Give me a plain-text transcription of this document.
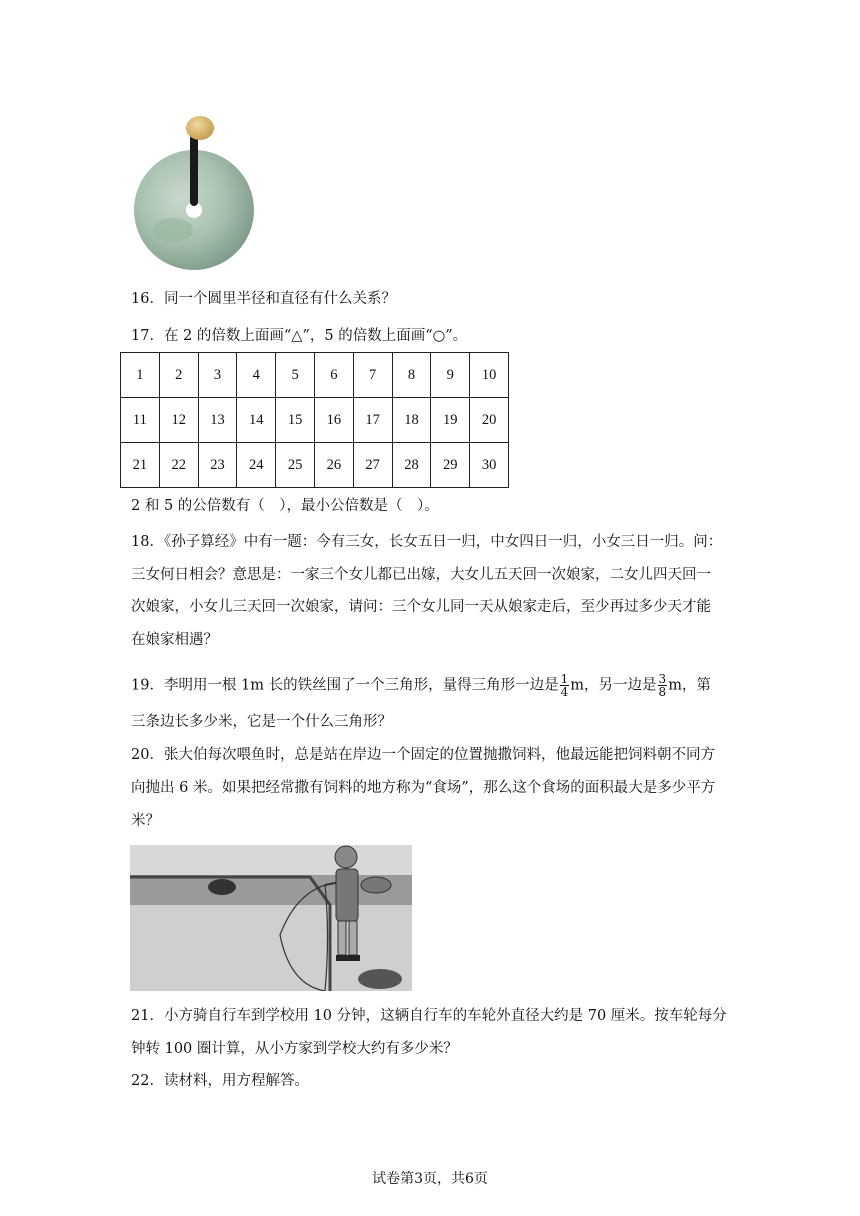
16．同一个圆里半径和直径有什么关系？
17．在 2 的倍数上面画“△”，5 的倍数上面画“○”。
1	2	3	4	5	6	7	8	9	10
11	12	13	14	15	16	17	18	19	20
21	22	23	24	25	26	27	28	29	30
2 和 5 的公倍数有（　），最小公倍数是（　）。
18．《孙子算经》中有一题：今有三女，长女五日一归，中女四日一归，小女三日一归。问：
三女何日相会？意思是：一家三个女儿都已出嫁，大女儿五天回一次娘家，二女儿四天回一
次娘家，小女儿三天回一次娘家，请问：三个女儿同一天从娘家走后，至少再过多少天才能
在娘家相遇？
19．李明用一根 1m 长的铁丝围了一个三角形，量得三角形一边是 $\frac{1}{4}$ m，另一边是 $\frac{3}{8}$ m，第
三条边长多少米，它是一个什么三角形？
20．张大伯每次喂鱼时，总是站在岸边一个固定的位置抛撒饲料，他最远能把饲料朝不同方
向抛出 6 米。如果把经常撒有饲料的地方称为“食场”，那么这个食场的面积最大是多少平方
米？
21．小方骑自行车到学校用 10 分钟，这辆自行车的车轮外直径大约是 70 厘米。按车轮每分
钟转 100 圈计算，从小方家到学校大约有多少米？
22．读材料，用方程解答。
试卷第3页，共6页
